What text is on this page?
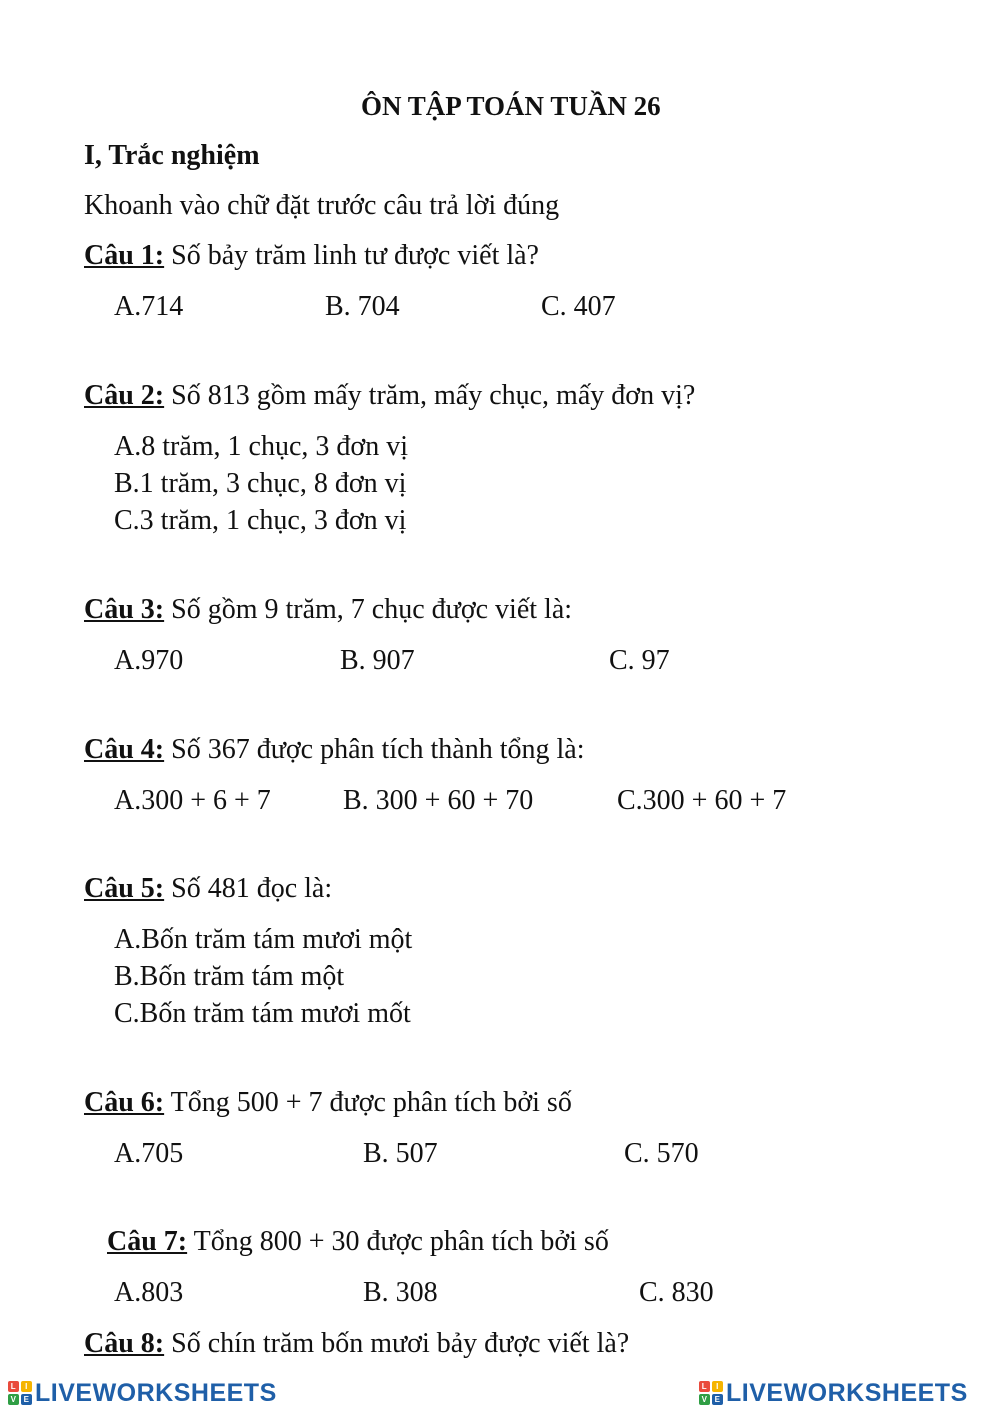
ÔN TẬP TOÁN TUẦN 26
I, Trắc nghiệm
Khoanh vào chữ đặt trước câu trả lời đúng
Câu 1: Số bảy trăm linh tư được viết là?
A.714	B. 704	C. 407
Câu 2: Số 813 gồm mấy trăm, mấy chục, mấy đơn vị?
A.8 trăm, 1 chục, 3 đơn vị
B.1 trăm, 3 chục, 8 đơn vị
C.3 trăm, 1 chục, 3 đơn vị
Câu 3: Số gồm 9 trăm, 7 chục được viết là:
A.970	B. 907	C. 97
Câu 4: Số 367 được phân tích thành tổng là:
A.300 + 6 + 7	B. 300 + 60 + 70	C.300 + 60 + 7
Câu 5: Số 481 đọc là:
A.Bốn trăm tám mươi một
B.Bốn trăm tám một
C.Bốn trăm tám mươi mốt
Câu 6: Tổng 500 + 7 được phân tích bởi số
A.705	B. 507	C. 570
Câu 7: Tổng 800 + 30 được phân tích bởi số
A.803	B. 308	C. 830
Câu 8: Số chín trăm bốn mươi bảy được viết là?
L	I
V E LIVEWORKSHEETS	L	I
V E LIVEWORKSHEETS
